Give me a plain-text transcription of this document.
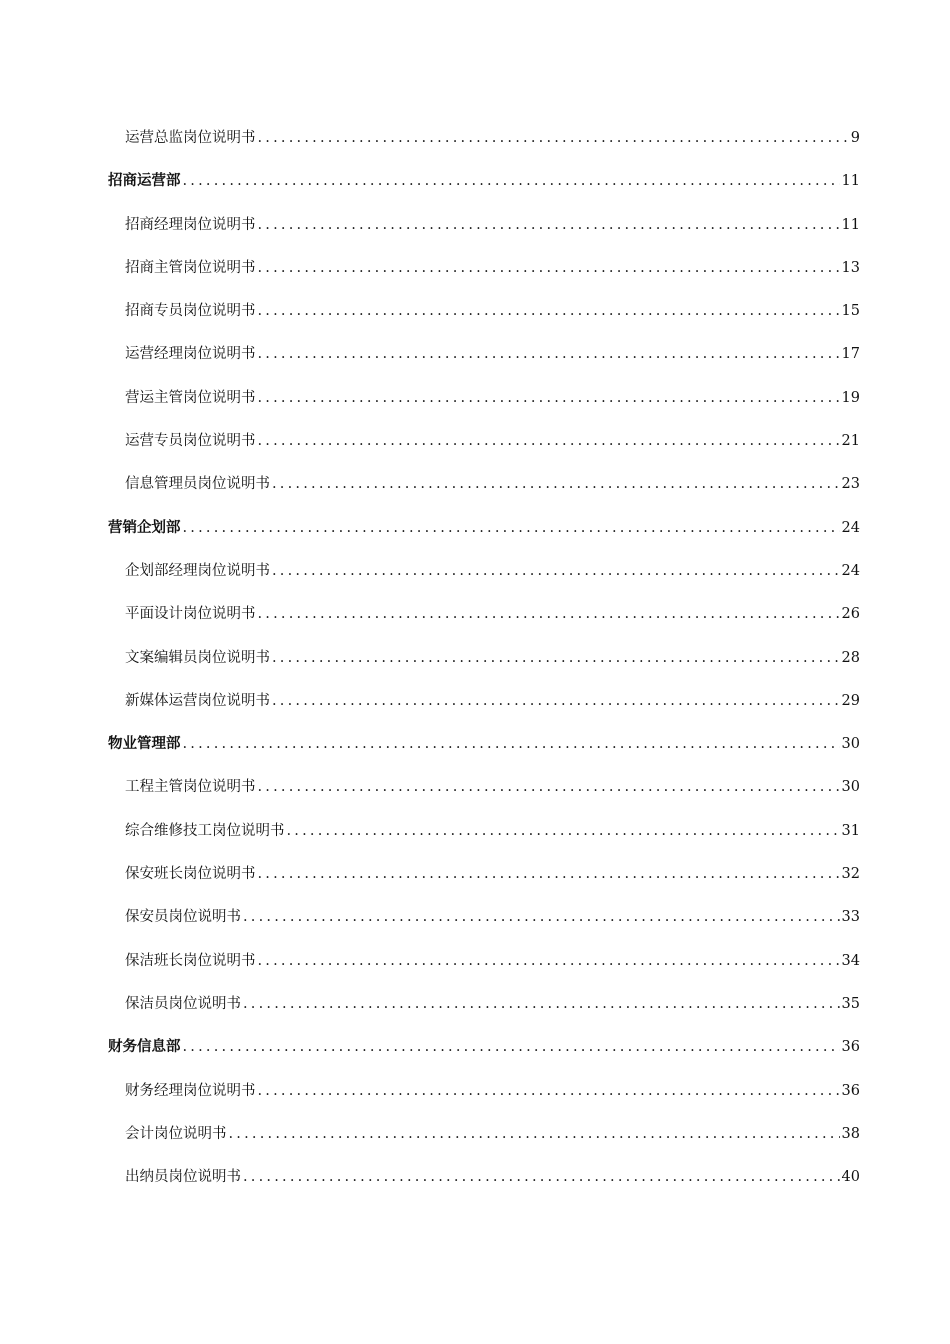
运营总监岗位说明书 .....	9
招商运营部 .....	11
招商经理岗位说明书 .....	11
招商主管岗位说明书 .....	13
招商专员岗位说明书 .....	15
运营经理岗位说明书 .....	17
营运主管岗位说明书 .....	19
运营专员岗位说明书 .....	21
信息管理员岗位说明书 .....	23
营销企划部 .....	24
企划部经理岗位说明书 .....	24
平面设计岗位说明书 .....	26
文案编辑员岗位说明书 .....	28
新媒体运营岗位说明书 .....	29
物业管理部 .....	30
工程主管岗位说明书 .....	30
综合维修技工岗位说明书 .....	31
保安班长岗位说明书 .....	32
保安员岗位说明书 .....	33
保洁班长岗位说明书 .....	34
保洁员岗位说明书 .....	35
财务信息部 .....	36
财务经理岗位说明书 .....	36
会计岗位说明书 .....	38
出纳员岗位说明书 .....	40
